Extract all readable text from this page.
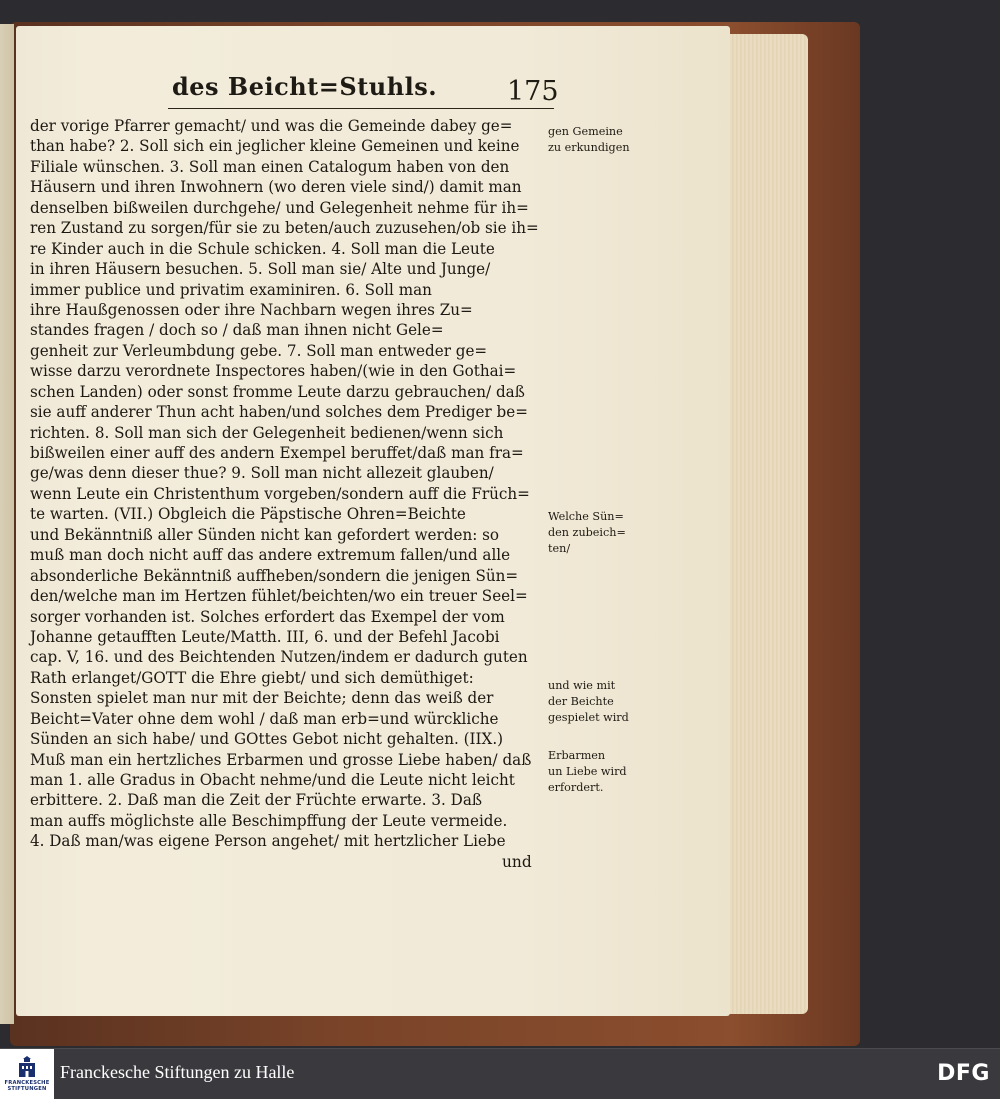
des Beicht=Stuhls.	175
der vorige Pfarrer gemacht/ und was die Gemeinde dabey ge=
than habe? 2. Soll sich ein jeglicher kleine Gemeinen und keine
Filiale wünschen. 3. Soll man einen Catalogum haben von den
Häusern und ihren Inwohnern (wo deren viele sind/) damit man
denselben bißweilen durchgehe/ und Gelegenheit nehme für ih=
ren Zustand zu sorgen/für sie zu beten/auch zuzusehen/ob sie ih=
re Kinder auch in die Schule schicken. 4. Soll man die Leute
in ihren Häusern besuchen. 5. Soll man sie/ Alte und Junge/
immer publice und privatim examiniren. 6. Soll man
ihre Haußgenossen oder ihre Nachbarn wegen ihres Zu=
standes fragen / doch so / daß man ihnen nicht Gele=
genheit zur Verleumbdung gebe. 7. Soll man entweder ge=
wisse darzu verordnete Inspectores haben/(wie in den Gothai=
schen Landen) oder sonst fromme Leute darzu gebrauchen/ daß
sie auff anderer Thun acht haben/und solches dem Prediger be=
richten. 8. Soll man sich der Gelegenheit bedienen/wenn sich
bißweilen einer auff des andern Exempel beruffet/daß man fra=
ge/was denn dieser thue? 9. Soll man nicht allezeit glauben/
wenn Leute ein Christenthum vorgeben/sondern auff die Früch=
te warten. (VII.) Obgleich die Päpstische Ohren=Beichte
und Bekänntniß aller Sünden nicht kan gefordert werden: so
muß man doch nicht auff das andere extremum fallen/und alle
absonderliche Bekänntniß auffheben/sondern die jenigen Sün=
den/welche man im Hertzen fühlet/beichten/wo ein treuer Seel=
sorger vorhanden ist. Solches erfordert das Exempel der vom
Johanne getaufften Leute/Matth. III, 6. und der Befehl Jacobi
cap. V, 16. und des Beichtenden Nutzen/indem er dadurch guten
Rath erlanget/GOTT die Ehre giebt/ und sich demüthiget:
Sonsten spielet man nur mit der Beichte; denn das weiß der
Beicht=Vater ohne dem wohl / daß man erb=und würckliche
Sünden an sich habe/ und GOttes Gebot nicht gehalten. (IIX.)
Muß man ein hertzliches Erbarmen und grosse Liebe haben/ daß
man 1. alle Gradus in Obacht nehme/und die Leute nicht leicht
erbittere. 2. Daß man die Zeit der Früchte erwarte. 3. Daß
man auffs möglichste alle Beschimpffung der Leute vermeide.
4. Daß man/was eigene Person angehet/ mit hertzlicher Liebe
und
gen Gemeine
zu erkundigen
Welche Sün=
den zubeich=
ten/
und wie mit
der Beichte
gespielet wird
Erbarmen
un Liebe wird
erfordert.
FRANCKESCHE STIFTUNGEN
Franckesche Stiftungen zu Halle	DFG
